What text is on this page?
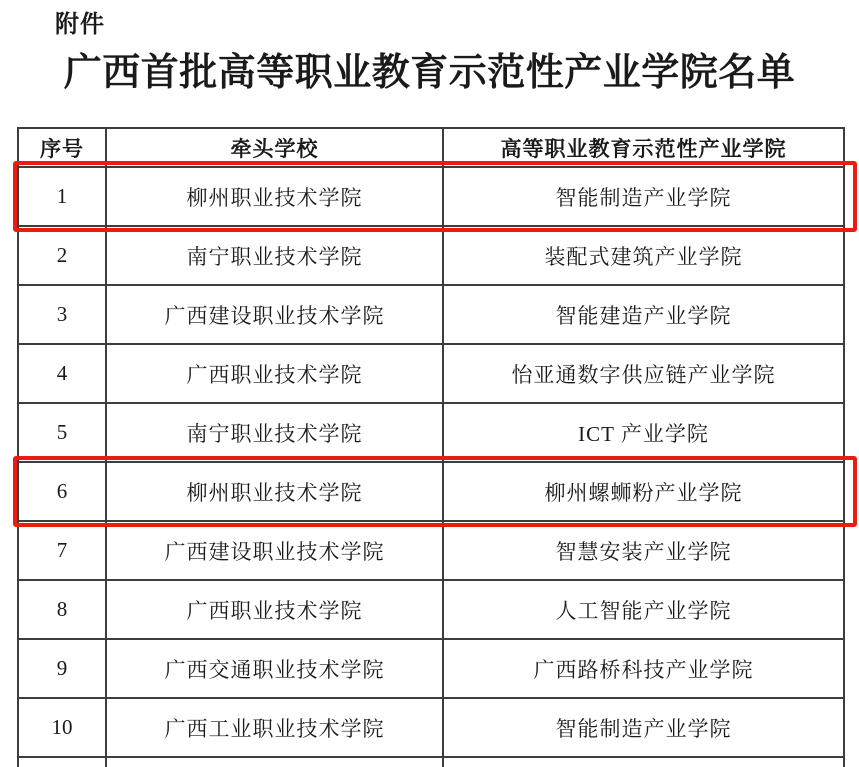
附件
广西首批高等职业教育示范性产业学院名单
序号	牵头学校	高等职业教育示范性产业学院
1	柳州职业技术学院	智能制造产业学院
2	南宁职业技术学院	装配式建筑产业学院
3	广西建设职业技术学院	智能建造产业学院
4	广西职业技术学院	怡亚通数字供应链产业学院
5	南宁职业技术学院	ICT 产业学院
6	柳州职业技术学院	柳州螺蛳粉产业学院
7	广西建设职业技术学院	智慧安装产业学院
8	广西职业技术学院	人工智能产业学院
9	广西交通职业技术学院	广西路桥科技产业学院
10	广西工业职业技术学院	智能制造产业学院
